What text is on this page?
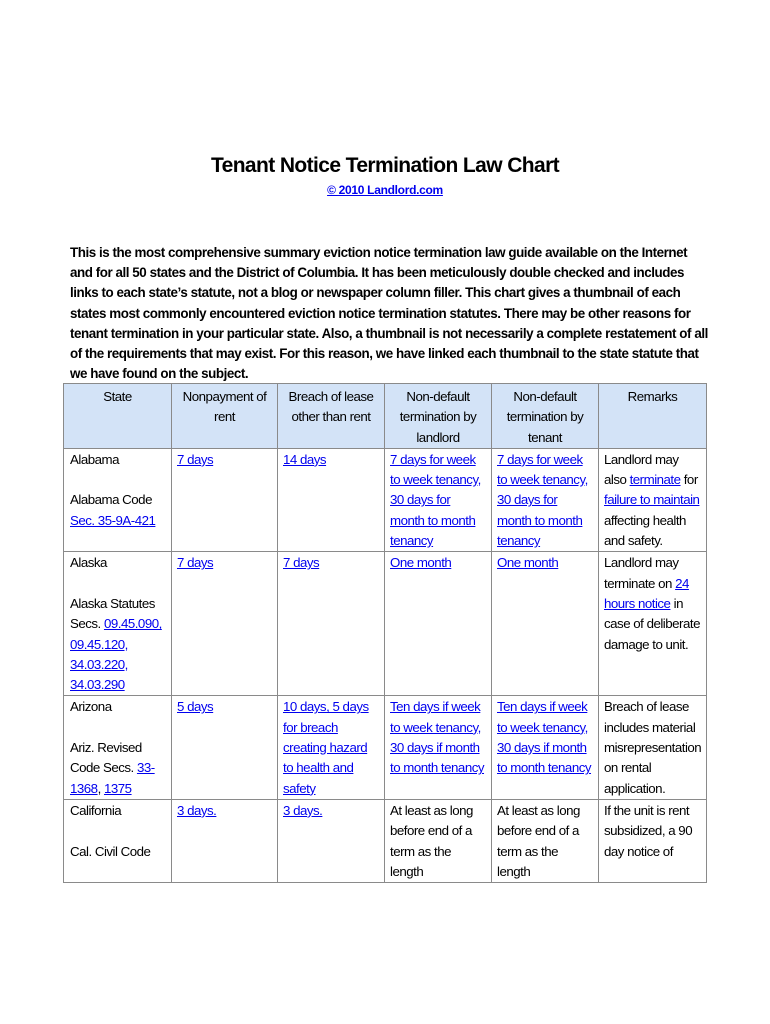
Tenant Notice Termination Law Chart
© 2010 Landlord.com

This is the most comprehensive summary eviction notice termination law guide available on the Internet and for all 50 states and the District of Columbia. It has been meticulously double checked and includes links to each state’s statute, not a blog or newspaper column filler. This chart gives a thumbnail of each states most commonly encountered eviction notice termination statutes. There may be other reasons for tenant termination in your particular state. Also, a thumbnail is not necessarily a complete restatement of all of the requirements that may exist. For this reason, we have linked each thumbnail to the state statute that we have found on the subject.

State	Nonpayment of rent	Breach of lease other than rent	Non-default termination by landlord	Non-default termination by tenant	Remarks

Alabama
Alabama Code Sec. 35-9A-421	7 days	14 days	7 days for week to week tenancy, 30 days for month to month tenancy	7 days for week to week tenancy, 30 days for month to month tenancy	Landlord may also terminate for failure to maintain affecting health and safety.

Alaska
Alaska Statutes Secs. 09.45.090,
09.45.120,
34.03.220,
34.03.290	7 days	7 days	One month	One month	Landlord may terminate on 24 hours notice in case of deliberate damage to unit.

Arizona
Ariz. Revised Code Secs. 33-1368, 1375	5 days	10 days, 5 days for breach creating hazard to health and safety	Ten days if week to week tenancy, 30 days if month to month tenancy	Ten days if week to week tenancy, 30 days if month to month tenancy	Breach of lease includes material misrepresentation on rental application.

California
Cal. Civil Code	3 days.	3 days.	At least as long before end of a term as the length	At least as long before end of a term as the length	If the unit is rent subsidized, a 90 day notice of
